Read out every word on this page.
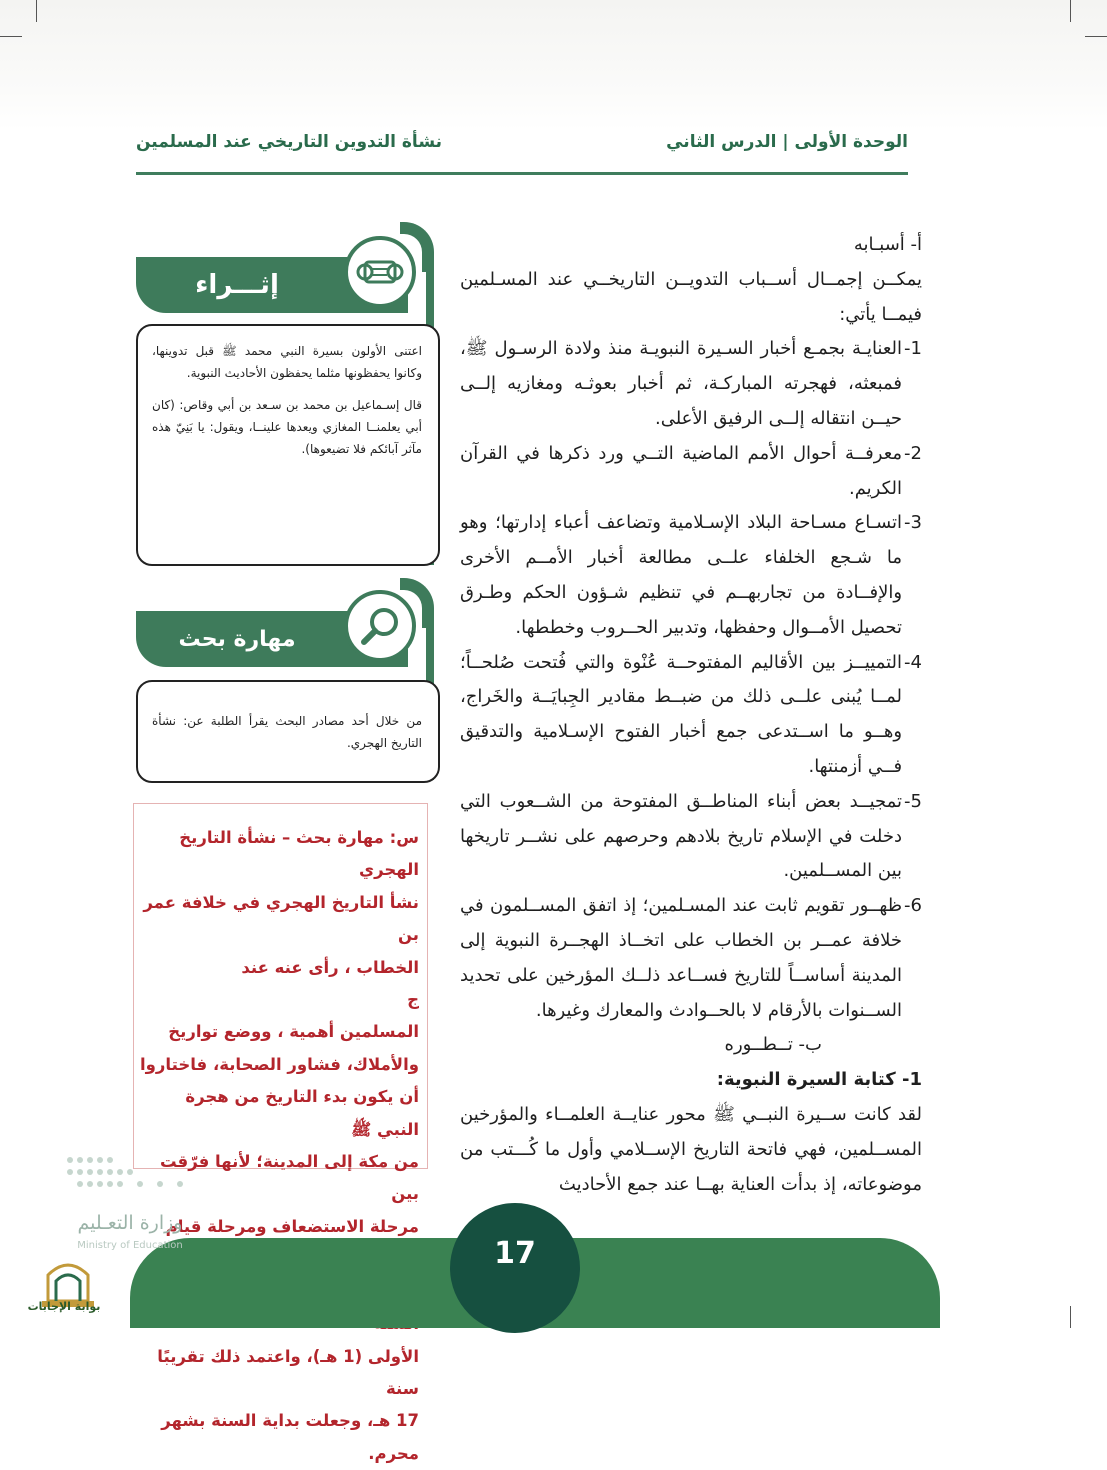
الوحدة الأولى | الدرس الثاني
نشأة التدوين التاريخي عند المسلمين

أ- أسبـابه

يمكــن إجمــال أســباب التدويــن التاريخــي عند المسـلمين فيمــا يأتي:

1-
العنايـة بجمـع أخبار السـيرة النبويـة منذ ولادة الرسـول ﷺ، فمبعثه، فهجرته المباركـة، ثم أخبار بعوثـه ومغازيه إلــى حيــن انتقاله إلــى الرفيق الأعلى.
2-
معرفــة أحوال الأمم الماضية التــي ورد ذكرها في القرآن الكريم.
3-
اتسـاع مسـاحة البلاد الإسـلامية وتضاعف أعباء إدارتها؛ وهو ما شـجع الخلفاء علــى مطالعة أخبار الأمــم الأخرى والإفــادة من تجاربهــم في تنظيم شـؤون الحكم وطـرق تحصيل الأمــوال وحفظها، وتدبير الحــروب وخططها.
4-
التمييــز بين الأقاليم المفتوحــة عُنْوة والتي فُتحت صُلحــاً؛ لمــا يُبنى علــى ذلك من ضبــط مقادير الجِبايَــة والخَراج، وهــو ما اســتدعى جمع أخبار الفتوح الإسـلامية والتدقيق فــي أزمنتها.
5-
تمجيــد بعض أبناء المناطــق المفتوحة من الشــعوب التي دخلت في الإسلام تاريخ بلادهم وحرصهم على نشــر تاريخها بين المســلمين.
6-
ظهــور تقويم ثابت عند المسـلمين؛ إذ اتفق المســلمون في خلافة عمــر بن الخطاب على اتخــاذ الهجــرة النبوية إلى المدينة أساســاً للتاريخ فســاعد ذلــك المؤرخين على تحديد الســنوات بالأرقام لا بالحــوادث والمعارك وغيرها.

ب- تــطــوره

1- كتابة السيرة النبوية:

لقد كانت ســيرة النبــي ﷺ محور عنايــة العلمــاء والمؤرخين المســلمين، فهي فاتحة التاريخ الإســلامي وأول ما كُـــتب من موضوعاته، إذ بدأت العناية بهــا عند جمع الأحاديث

إثـــراء

اعتنى الأولون بسيرة النبي محمد ﷺ قبل تدوينها، وكانوا يحفظونها مثلما يحفظون الأحاديث النبوية.

قال إسـماعيل بن محمد بن سـعد بن أبي وقاص: (كان أبي يعلمنــا المغازي ويعدها علينــا، ويقول: يا بَنِيّ هذه مآثر آبائكم فلا تضيعوها).

مهارة بحث

من خلال أحد مصادر البحث يقرأ الطلبة عن: نشأة التاريخ الهجري.

س: مهارة بحث – نشأة التاريخ الهجري
نشأ التاريخ الهجري في خلافة عمر بن
الخطاب ، رأى عنه عند
ج
المسلمين أهمية ، ووضع تواريخ
والأملاك، فشاور الصحابة، فاختاروا
أن يكون بدء التاريخ من هجرة النبي ﷺ
من مكة إلى المدينة؛ لأنها فرّقت بين
مرحلة الاستضعاف ومرحلة قيام
الأولى (1 هـ)، واعتمد ذلك تقريبًا سنة
17 هـ، وجعلت بداية السنة بشهر محرم.
17
وزارة التعـليم
Ministry of Education
بوابة الإجابات
